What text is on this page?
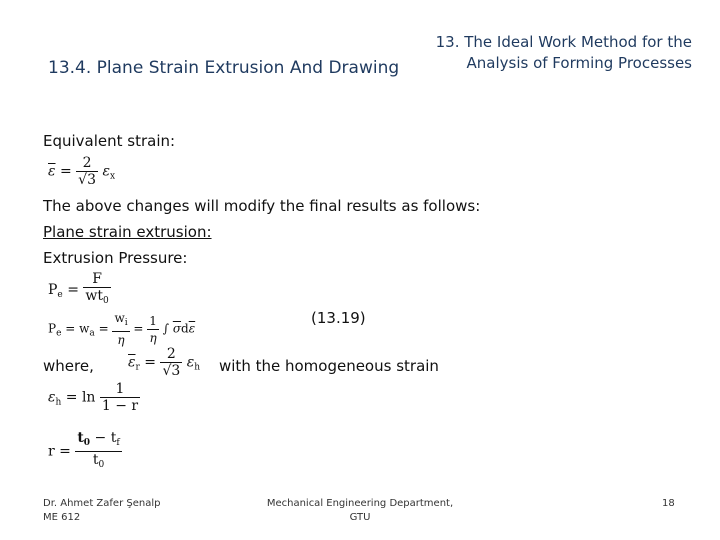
13.4. Plane Strain Extrusion And Drawing
13. The Ideal Work Method for the
Analysis of Forming Processes
Equivalent strain:
$\overline{\varepsilon} = \frac{2}{√3} \varepsilon_x$
The above changes will modify the final results as follows:
Plane strain extrusion:
Extrusion Pressure:
$P_e = \frac{F}{wt_0}$
$P_e = w_a = \frac{w_i}{\eta} = \frac{1}{\eta}$ ∫ $\overline{\sigma}d\overline{\varepsilon}$
(13.19)
where, $\overline{\varepsilon}_r = \frac{2}{√3} \varepsilon_h$ with the homogeneous strain
$\varepsilon_h = \ln \frac{1}{1 - r}$
$r = \frac{t_0 - t_f}{t_0}$
Dr. Ahmet Zafer Şenalp
ME 612
Mechanical Engineering Department,
GTU
18
